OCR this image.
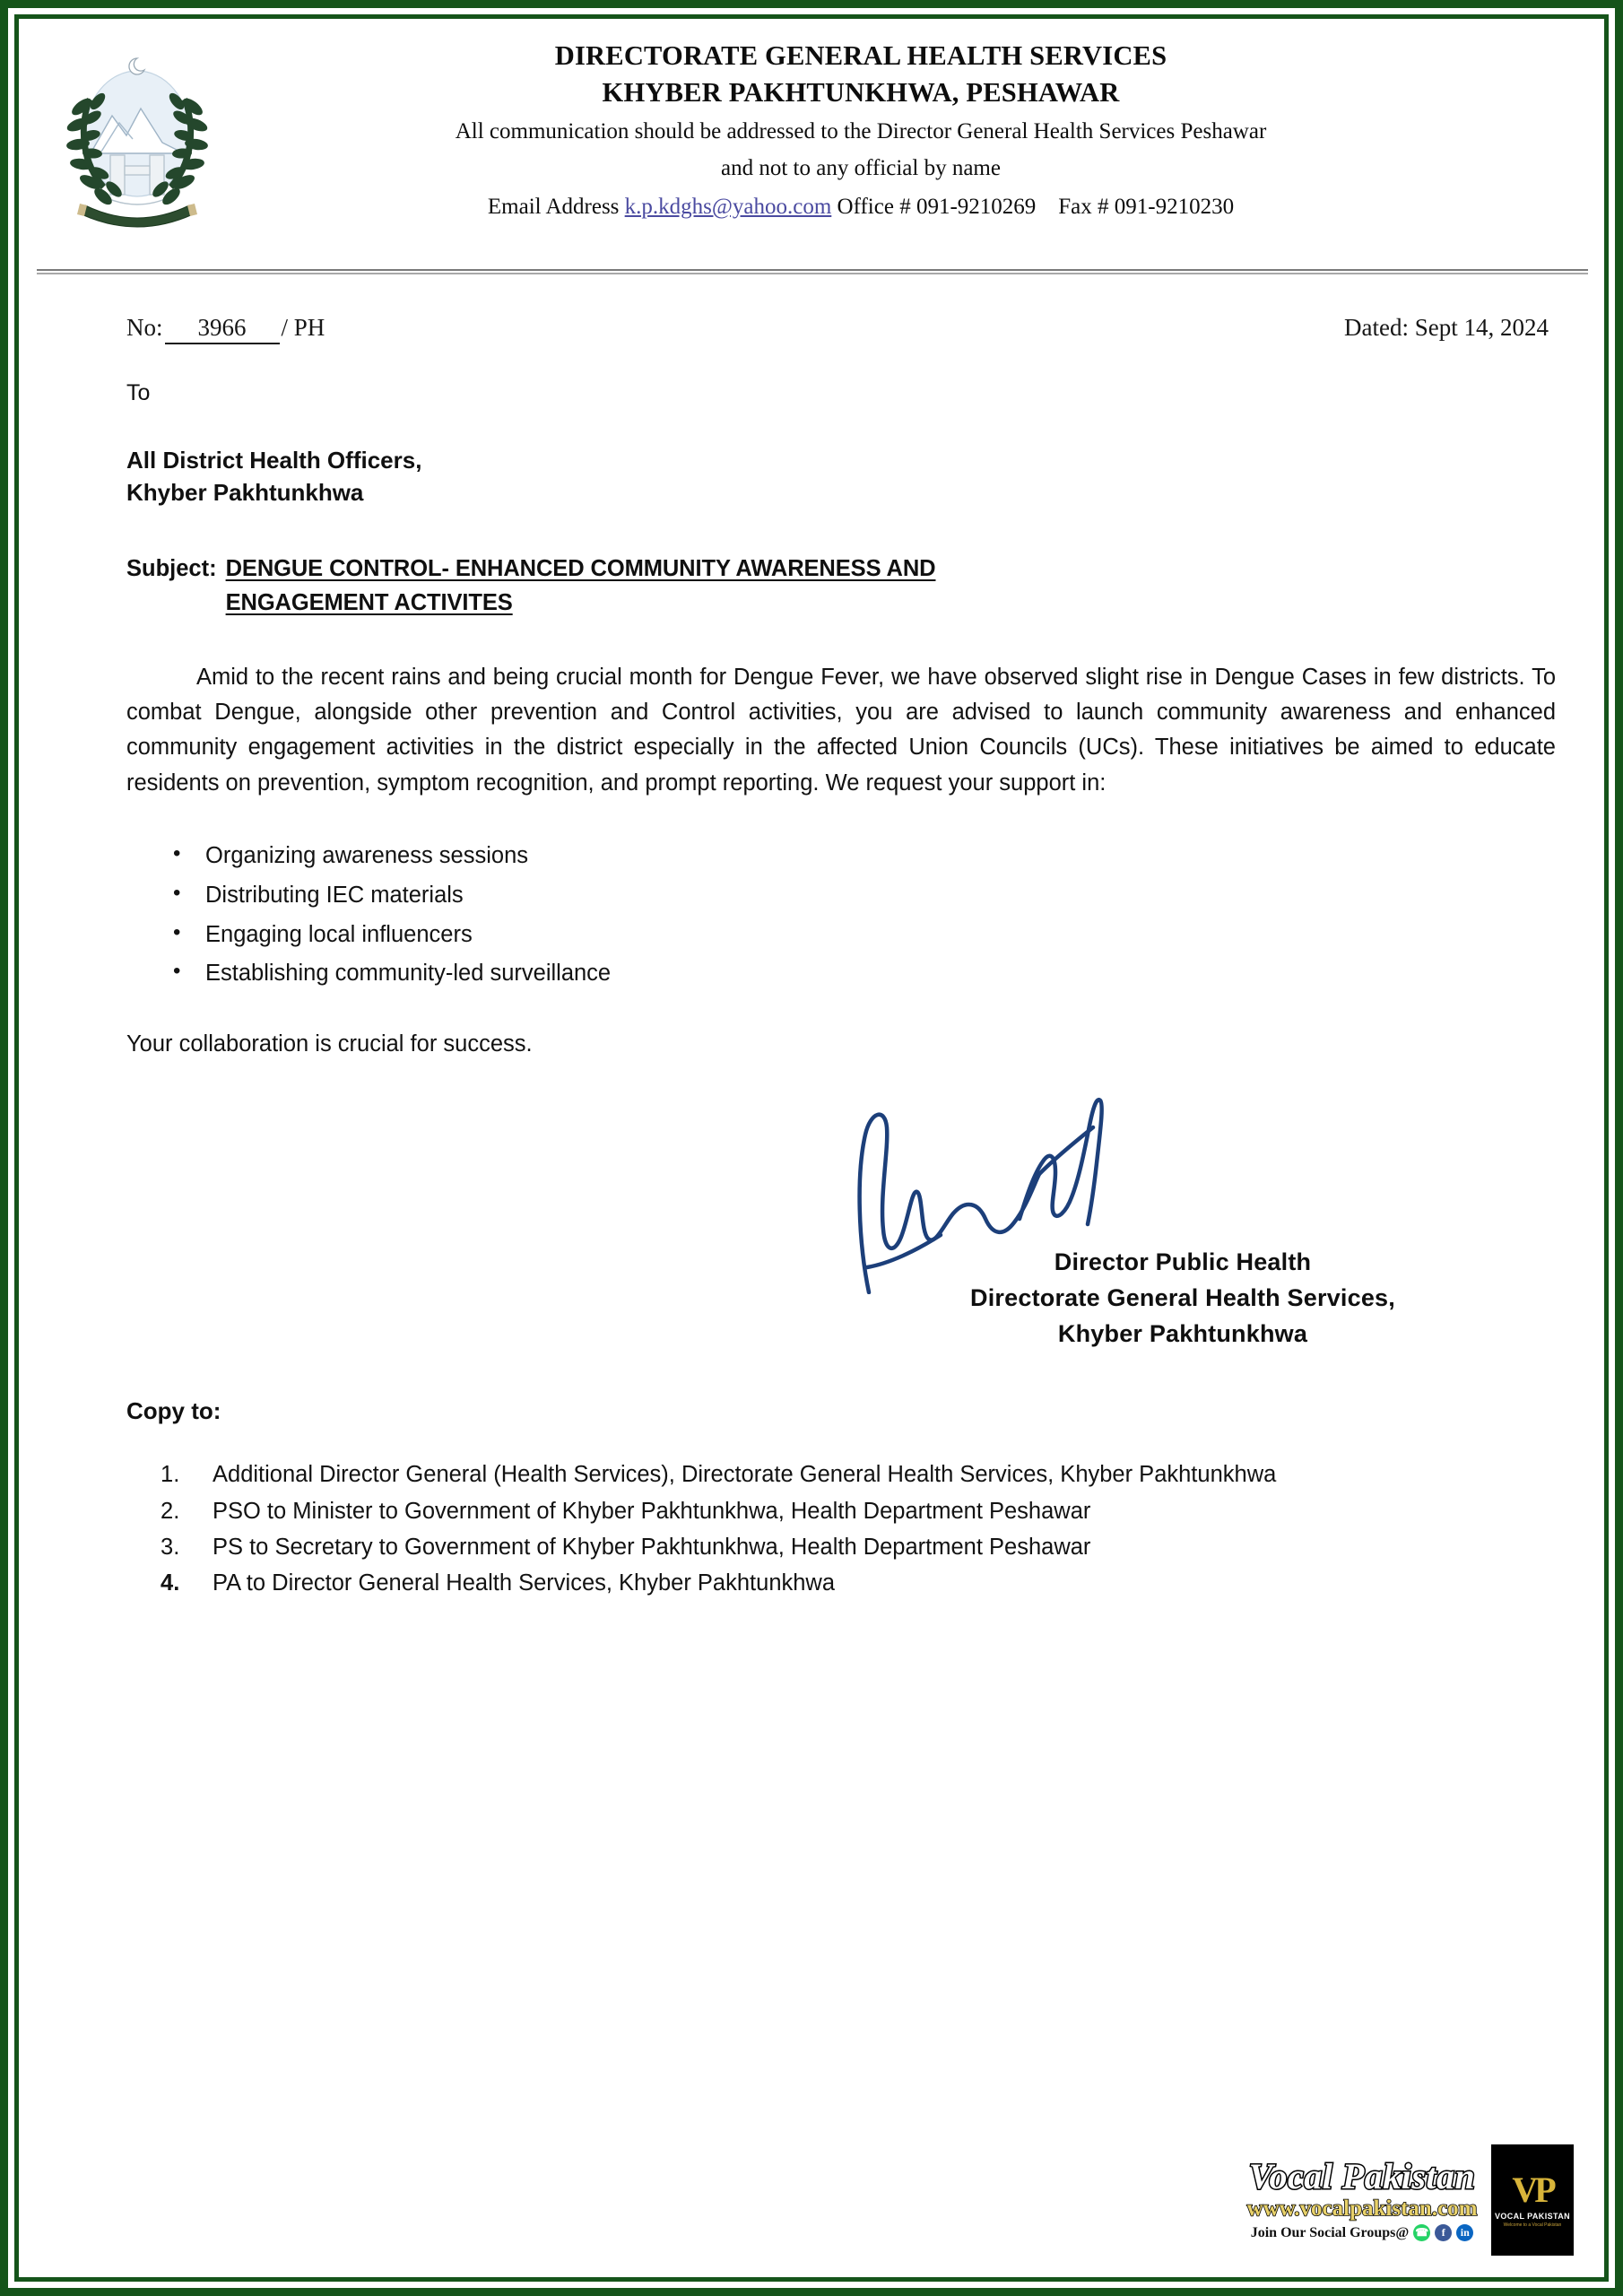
DIRECTORATE GENERAL HEALTH SERVICES
KHYBER PAKHTUNKHWA, PESHAWAR
All communication should be addressed to the Director General Health Services Peshawar
and not to any official by name
Email Address k.p.kdghs@yahoo.com Office # 091-9210269 Fax # 091-9210230
No: 3966 / PH	Dated: Sept 14, 2024
To
All District Health Officers,
Khyber Pakhtunkhwa
Subject: DENGUE CONTROL- ENHANCED COMMUNITY AWARENESS AND
ENGAGEMENT ACTIVITES

Amid to the recent rains and being crucial month for Dengue Fever, we have observed slight rise in Dengue Cases in few districts. To combat Dengue, alongside other prevention and Control activities, you are advised to launch community awareness and enhanced community engagement activities in the district especially in the affected Union Councils (UCs). These initiatives be aimed to educate residents on prevention, symptom recognition, and prompt reporting. We request your support in:

• Organizing awareness sessions
• Distributing IEC materials
• Engaging local influencers
• Establishing community-led surveillance
Your collaboration is crucial for success.
Director Public Health
Directorate General Health Services,
Khyber Pakhtunkhwa
Copy to:
Additional Director General (Health Services), Directorate General Health Services, Khyber Pakhtunkhwa
PSO to Minister to Government of Khyber Pakhtunkhwa, Health Department Peshawar
PS to Secretary to Government of Khyber Pakhtunkhwa, Health Department Peshawar
PA to Director General Health Services, Khyber Pakhtunkhwa
Vocal Pakistan
www.vocalpakistan.com
Join Our Social Groups@ ☎	f	in
VP
VOCAL PAKISTAN
Welcome to a Vocal Pakistan
